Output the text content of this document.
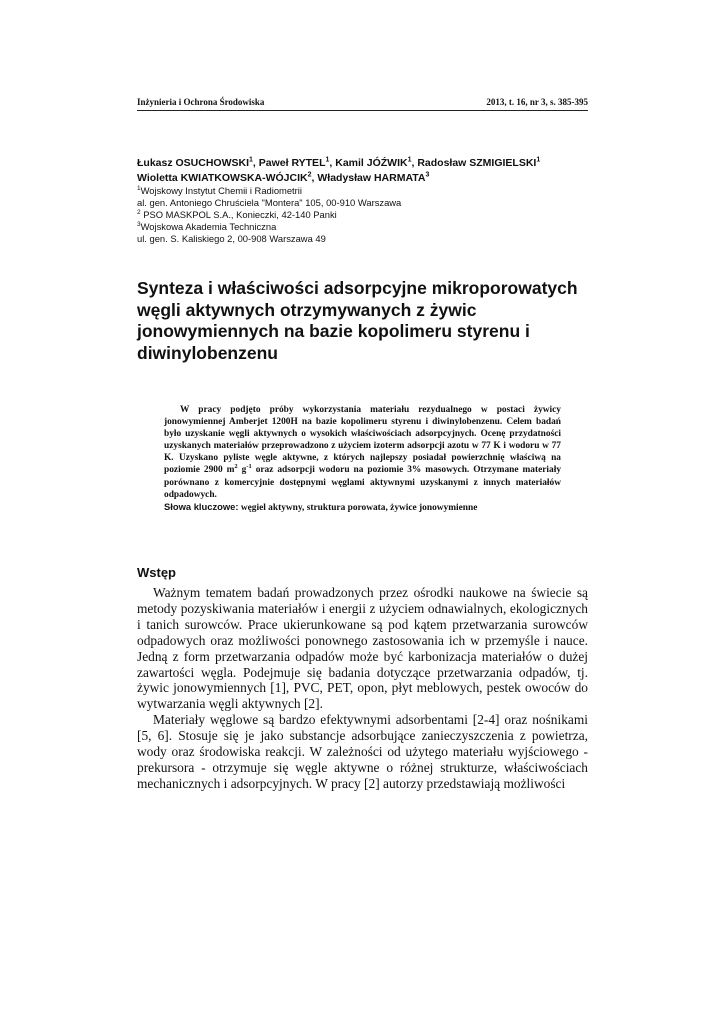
Inżynieria i Ochrona Środowiska	2013, t. 16, nr 3, s. 385-395
Łukasz OSUCHOWSKI$^1$, Paweł RYTEL$^1$, Kamil JÓŹWIK$^1$, Radosław SZMIGIELSKI$^1$
Wioletta KWIATKOWSKA-WÓJCIK$^2$, Władysław HARMATA$^3$
$^1$Wojskowy Instytut Chemii i Radiometrii
al. gen. Antoniego Chruściela "Montera" 105, 00-910 Warszawa
$^2$ PSO MASKPOL S.A., Konieczki, 42-140 Panki
$^3$Wojskowa Akademia Techniczna
ul. gen. S. Kaliskiego 2, 00-908 Warszawa 49
Synteza i właściwości adsorpcyjne mikroporowatych węgli aktywnych otrzymywanych z żywic jonowymiennych na bazie kopolimeru styrenu i diwinylobenzenu

W pracy podjęto próby wykorzystania materiału rezydualnego w postaci żywicy jonowymiennej Amberjet 1200H na bazie kopolimeru styrenu i diwinylobenzenu. Celem badań było uzyskanie węgli aktywnych o wysokich właściwościach adsorpcyjnych. Ocenę przydatności uzyskanych materiałów przeprowadzono z użyciem izoterm adsorpcji azotu w 77 K i wodoru w 77 K. Uzyskano pyliste węgle aktywne, z których najlepszy posiadał powierzchnię właściwą na poziomie 2900 $m^2$ $g^{-1}$ oraz adsorpcji wodoru na poziomie 3% masowych. Otrzymane materiały porównano z komercyjnie dostępnymi węglami aktywnymi uzyskanymi z innych materiałów odpadowych.

Słowa kluczowe: węgiel aktywny, struktura porowata, żywice jonowymienne

Wstęp

Ważnym tematem badań prowadzonych przez ośrodki naukowe na świecie są metody pozyskiwania materiałów i energii z użyciem odnawialnych, ekologicznych i tanich surowców. Prace ukierunkowane są pod kątem przetwarzania surowców odpadowych oraz możliwości ponownego zastosowania ich w przemyśle i nauce. Jedną z form przetwarzania odpadów może być karbonizacja materiałów o dużej zawartości węgla. Podejmuje się badania dotyczące przetwarzania odpadów, tj. żywic jonowymiennych [1], PVC, PET, opon, płyt meblowych, pestek owoców do wytwarzania węgli aktywnych [2].

Materiały węglowe są bardzo efektywnymi adsorbentami [2-4] oraz nośnikami [5, 6]. Stosuje się je jako substancje adsorbujące zanieczyszczenia z powietrza, wody oraz środowiska reakcji. W zależności od użytego materiału wyjściowego - prekursora - otrzymuje się węgle aktywne o różnej strukturze, właściwościach mechanicznych i adsorpcyjnych. W pracy [2] autorzy przedstawiają możliwości
